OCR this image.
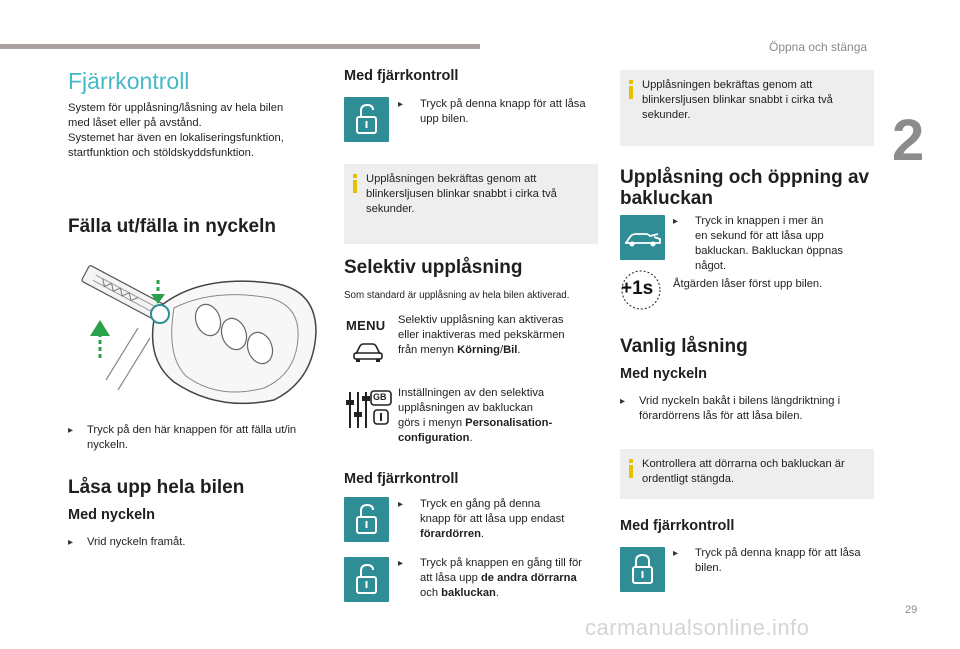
Öppna och stänga
2
Fjärrkontroll
System för upplåsning/låsning av hela bilen
med låset eller på avstånd.
Systemet har även en lokaliseringsfunktion,
startfunktion och stöldskyddsfunktion.
Fälla ut/fälla in nyckeln
▸ Tryck på den här knappen för att fälla ut/in
nyckeln.
Låsa upp hela bilen
Med nyckeln
▸ Vrid nyckeln framåt.
Med fjärrkontroll
▸ Tryck på denna knapp för att låsa
upp bilen.
Upplåsningen bekräftas genom att
blinkersljusen blinkar snabbt i cirka två
sekunder.
Selektiv upplåsning
Som standard är upplåsning av hela bilen aktiverad.
MENU Selektiv upplåsning kan aktiveras
eller inaktiveras med pekskärmen
från menyn Körning/Bil.
GB Inställningen av den selektiva
upplåsningen av bakluckan
görs i menyn Personalisation-
configuration.
Med fjärrkontroll
▸ Tryck en gång på denna
knapp för att låsa upp endast
förardörren.
▸ Tryck på knappen en gång till för
att låsa upp de andra dörrarna
och bakluckan.
Upplåsningen bekräftas genom att
blinkersljusen blinkar snabbt i cirka två
sekunder.
Upplåsning och öppning av
bakluckan
▸ Tryck in knappen i mer än
en sekund för att låsa upp
bakluckan. Bakluckan öppnas
något.
+1s Åtgärden låser först upp bilen.
Vanlig låsning
Med nyckeln
▸ Vrid nyckeln bakåt i bilens längdriktning i
förardörrens lås för att låsa bilen.
Kontrollera att dörrarna och bakluckan är
ordentligt stängda.
Med fjärrkontroll
▸ Tryck på denna knapp för att låsa
bilen.
29
carmanualsonline.info
